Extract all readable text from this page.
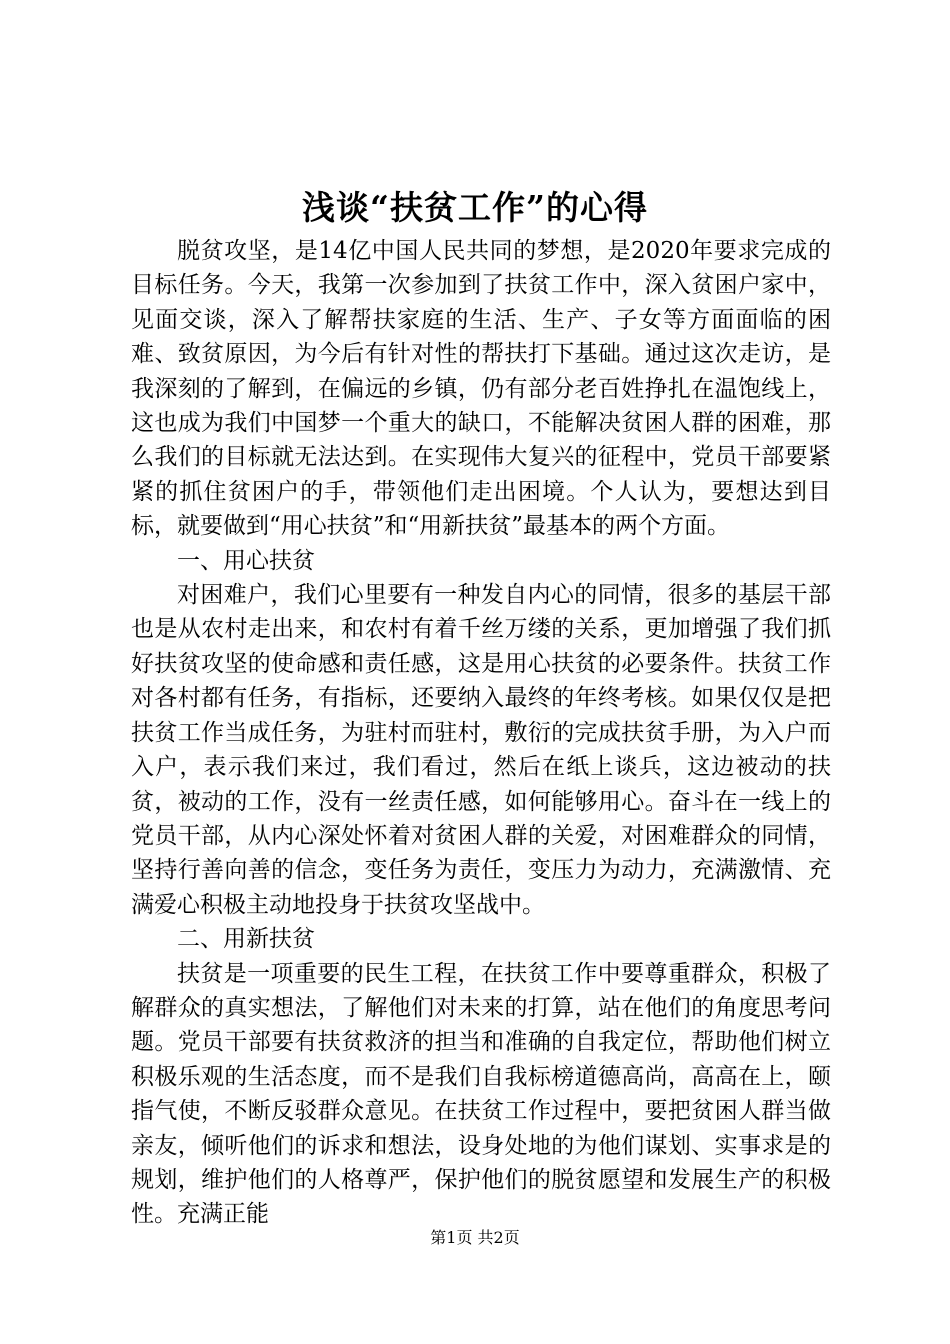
浅谈“扶贫工作”的心得

脱贫攻坚，是14亿中国人民共同的梦想，是2020年要求完成的目标任务。今天，我第一次参加到了扶贫工作中，深入贫困户家中，见面交谈，深入了解帮扶家庭的生活、生产、子女等方面面临的困难、致贫原因，为今后有针对性的帮扶打下基础。通过这次走访，是我深刻的了解到，在偏远的乡镇，仍有部分老百姓挣扎在温饱线上，这也成为我们中国梦一个重大的缺口，不能解决贫困人群的困难，那么我们的目标就无法达到。在实现伟大复兴的征程中，党员干部要紧紧的抓住贫困户的手，带领他们走出困境。个人认为，要想达到目标，就要做到“用心扶贫”和“用新扶贫”最基本的两个方面。

一、用心扶贫

对困难户，我们心里要有一种发自内心的同情，很多的基层干部也是从农村走出来，和农村有着千丝万缕的关系，更加增强了我们抓好扶贫攻坚的使命感和责任感，这是用心扶贫的必要条件。扶贫工作对各村都有任务，有指标，还要纳入最终的年终考核。如果仅仅是把扶贫工作当成任务，为驻村而驻村，敷衍的完成扶贫手册，为入户而入户，表示我们来过，我们看过，然后在纸上谈兵，这边被动的扶贫，被动的工作，没有一丝责任感，如何能够用心。奋斗在一线上的党员干部，从内心深处怀着对贫困人群的关爱，对困难群众的同情，坚持行善向善的信念，变任务为责任，变压力为动力，充满激情、充满爱心积极主动地投身于扶贫攻坚战中。

二、用新扶贫

扶贫是一项重要的民生工程，在扶贫工作中要尊重群众，积极了解群众的真实想法，了解他们对未来的打算，站在他们的角度思考问题。党员干部要有扶贫救济的担当和准确的自我定位，帮助他们树立积极乐观的生活态度，而不是我们自我标榜道德高尚，高高在上，颐指气使，不断反驳群众意见。在扶贫工作过程中，要把贫困人群当做亲友，倾听他们的诉求和想法，设身处地的为他们谋划、实事求是的规划，维护他们的人格尊严，保护他们的脱贫愿望和发展生产的积极性。充满正能

第1页 共2页
